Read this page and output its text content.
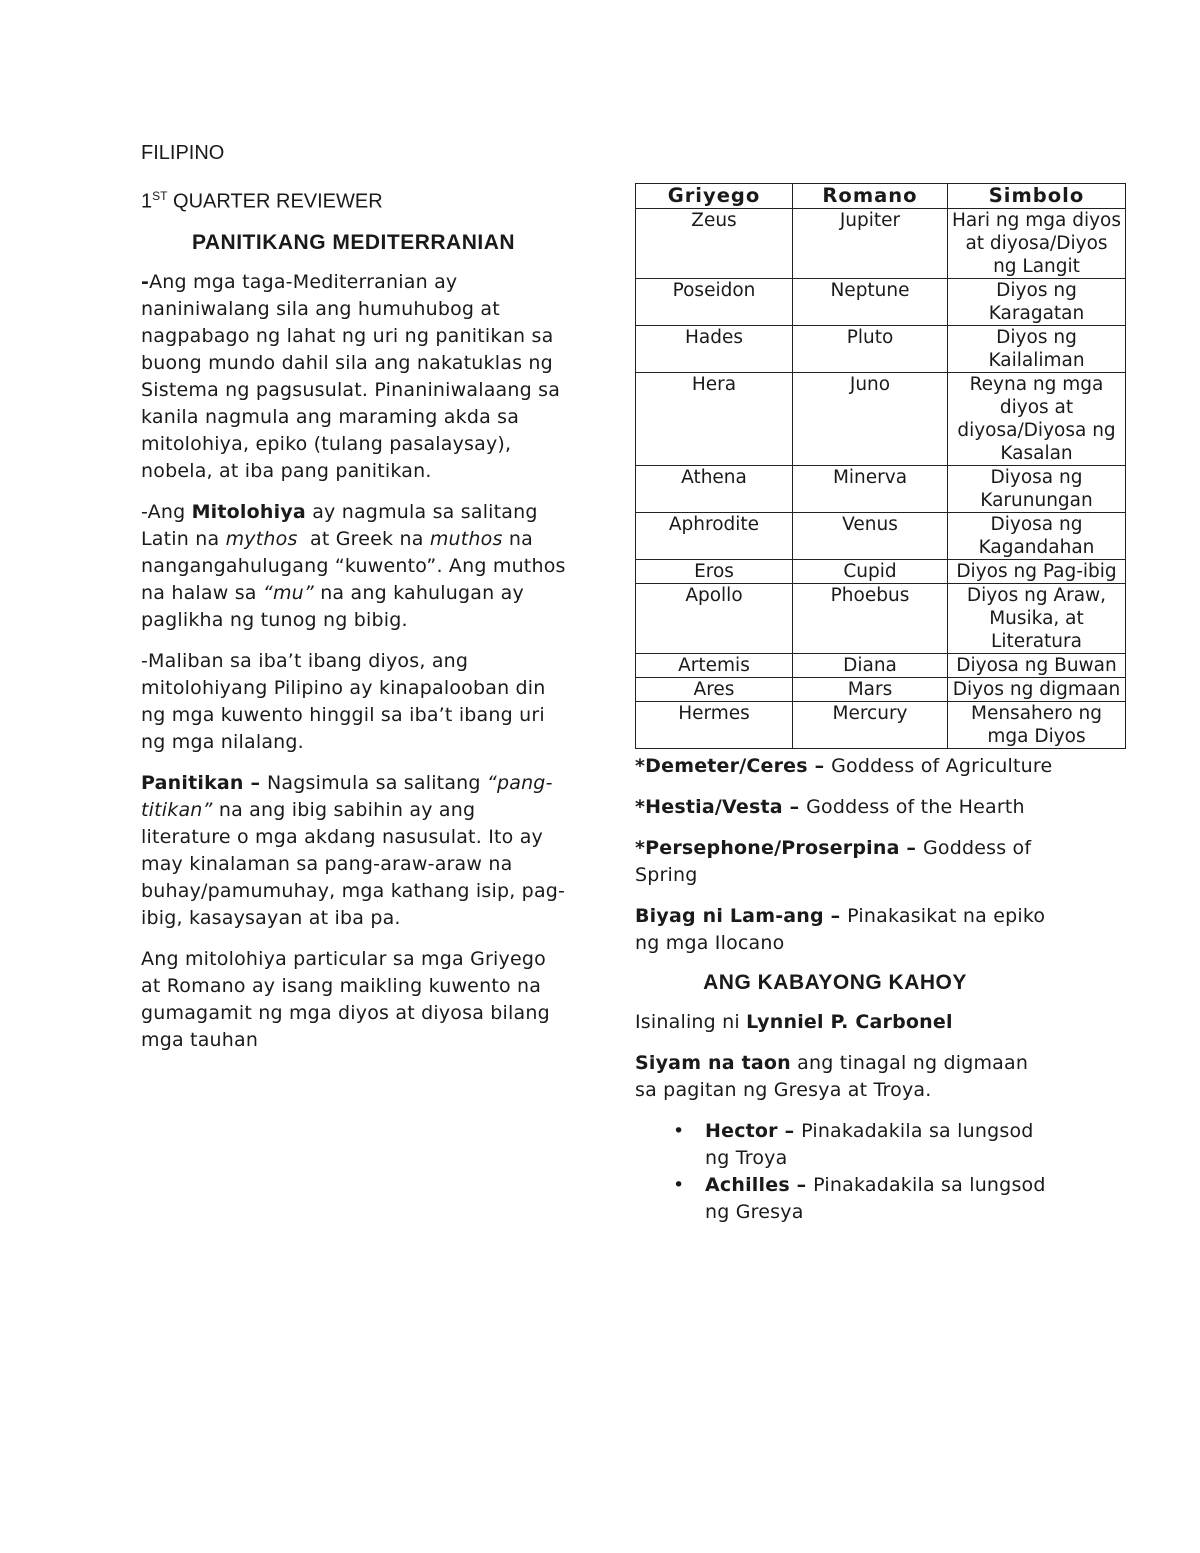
FILIPINO

1ST QUARTER REVIEWER

PANITIKANG MEDITERRANIAN

-Ang mga taga-Mediterranian ay naniniwalang sila ang humuhubog at nagpabago ng lahat ng uri ng panitikan sa buong mundo dahil sila ang nakatuklas ng Sistema ng pagsusulat. Pinaniniwalaang sa kanila nagmula ang maraming akda sa mitolohiya, epiko (tulang pasalaysay), nobela, at iba pang panitikan.

-Ang Mitolohiya ay nagmula sa salitang Latin na mythos  at Greek na muthos na nangangahulugang “kuwento”. Ang muthos na halaw sa “mu” na ang kahulugan ay paglikha ng tunog ng bibig.

-Maliban sa iba’t ibang diyos, ang mitolohiyang Pilipino ay kinapalooban din ng mga kuwento hinggil sa iba’t ibang uri ng mga nilalang.

Panitikan – Nagsimula sa salitang “pang-titikan” na ang ibig sabihin ay ang literature o mga akdang nasusulat. Ito ay may kinalaman sa pang-araw-araw na buhay/pamumuhay, mga kathang isip, pag-ibig, kasaysayan at iba pa.

Ang mitolohiya particular sa mga Griyego at Romano ay isang maikling kuwento na gumagamit ng mga diyos at diyosa bilang mga tauhan

Griyego	Romano	Simbolo
Zeus	Jupiter	Hari ng mga diyos at diyosa/Diyos ng Langit
Poseidon	Neptune	Diyos ng Karagatan
Hades	Pluto	Diyos ng Kailaliman
Hera	Juno	Reyna ng mga diyos at diyosa/Diyosa ng Kasalan
Athena	Minerva	Diyosa ng Karunungan
Aphrodite	Venus	Diyosa ng Kagandahan
Eros	Cupid	Diyos ng Pag-ibig
Apollo	Phoebus	Diyos ng Araw, Musika, at Literatura
Artemis	Diana	Diyosa ng Buwan
Ares	Mars	Diyos ng digmaan
Hermes	Mercury	Mensahero ng mga Diyos

*Demeter/Ceres – Goddess of Agriculture

*Hestia/Vesta – Goddess of the Hearth

*Persephone/Proserpina – Goddess of Spring

Biyag ni Lam-ang – Pinakasikat na epiko ng mga Ilocano

ANG KABAYONG KAHOY

Isinaling ni Lynniel P. Carbonel

Siyam na taon ang tinagal ng digmaan sa pagitan ng Gresya at Troya.

• Hector – Pinakadakila sa lungsod ng Troya
• Achilles – Pinakadakila sa lungsod ng Gresya
